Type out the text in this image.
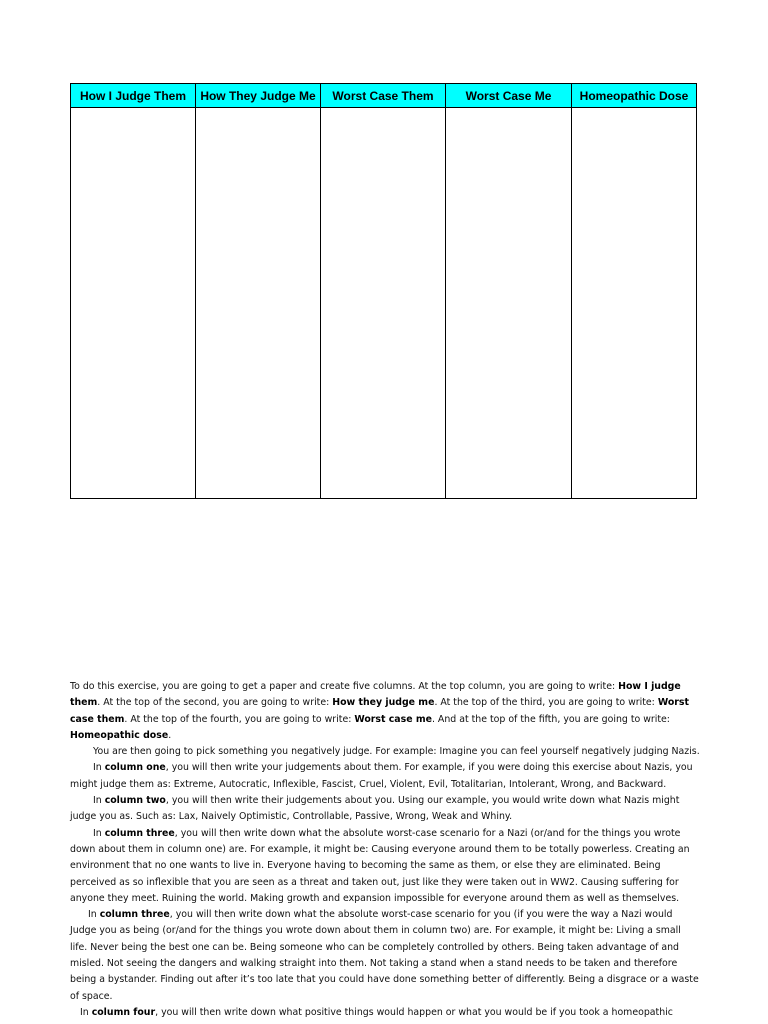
How I Judge Them	How They Judge Me	Worst Case Them	Worst Case Me	Homeopathic Dose

To do this exercise, you are going to get a paper and create five columns. At the top column, you are going to write: How I judge them. At the top of the second, you are going to write: How they judge me. At the top of the third, you are going to write: Worst case them. At the top of the fourth, you are going to write: Worst case me. And at the top of the fifth, you are going to write: Homeopathic dose.

You are then going to pick something you negatively judge. For example: Imagine you can feel yourself negatively judging Nazis.

In column one, you will then write your judgements about them. For example, if you were doing this exercise about Nazis, you might judge them as: Extreme, Autocratic, Inflexible, Fascist, Cruel, Violent, Evil, Totalitarian, Intolerant, Wrong, and Backward.

In column two, you will then write their judgements about you. Using our example, you would write down what Nazis might judge you as. Such as: Lax, Naively Optimistic, Controllable, Passive, Wrong, Weak and Whiny.

In column three, you will then write down what the absolute worst-case scenario for a Nazi (or/and for the things you wrote down about them in column one) are. For example, it might be: Causing everyone around them to be totally powerless. Creating an environment that no one wants to live in. Everyone having to becoming the same as them, or else they are eliminated. Being perceived as so inflexible that you are seen as a threat and taken out, just like they were taken out in WW2. Causing suffering for anyone they meet. Ruining the world. Making growth and expansion impossible for everyone around them as well as themselves.

In column three, you will then write down what the absolute worst-case scenario for you (if you were the way a Nazi would Judge you as being (or/and for the things you wrote down about them in column two) are. For example, it might be: Living a small life. Never being the best one can be. Being someone who can be completely controlled by others. Being taken advantage of and misled. Not seeing the dangers and walking straight into them. Not taking a stand when a stand needs to be taken and therefore being a bystander. Finding out after it’s too late that you could have done something better of differently. Being a disgrace or a waste of space.

In column four, you will then write down what positive things would happen or what you would be if you took a homeopathic
